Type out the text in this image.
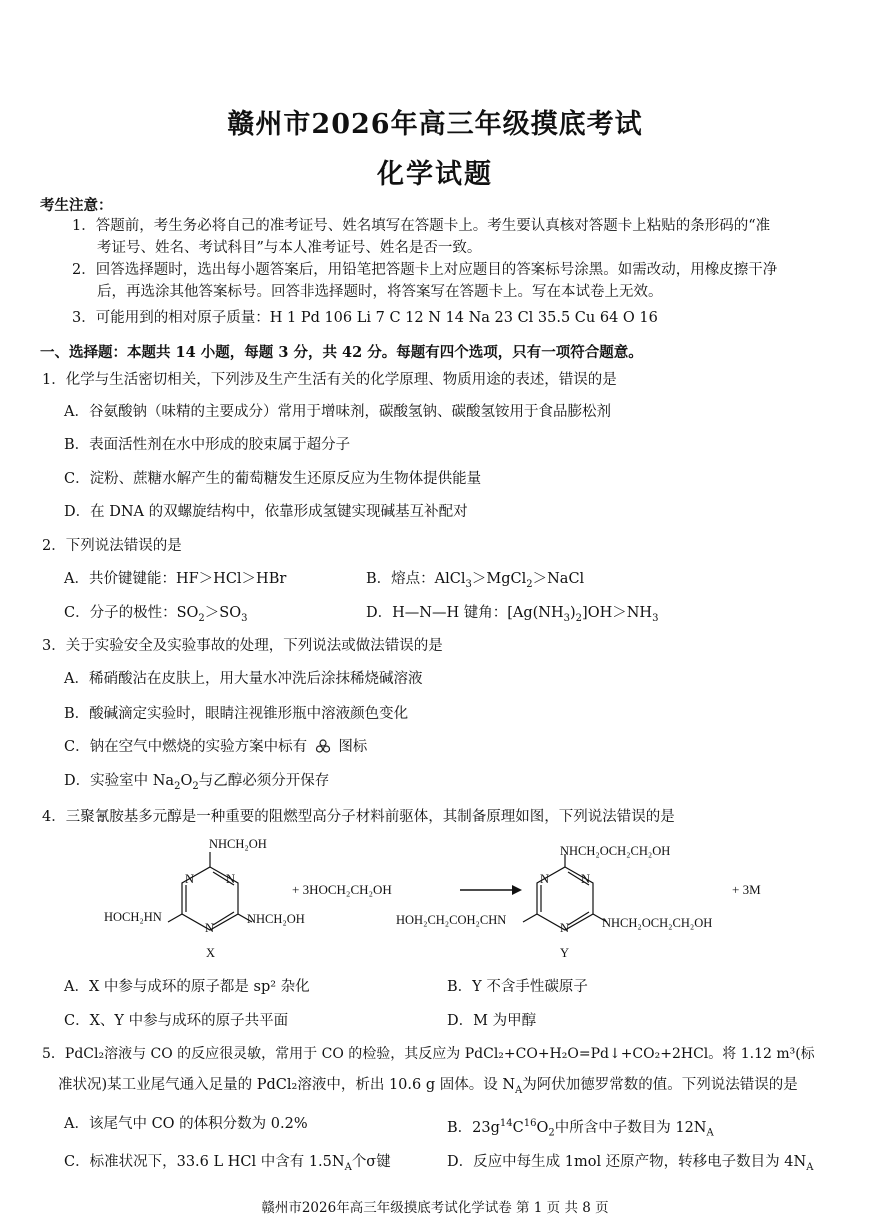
赣州市2026年高三年级摸底考试
化学试题
考生注意：
1．答题前，考生务必将自己的准考证号、姓名填写在答题卡上。考生要认真核对答题卡上粘贴的条形码的“准
考证号、姓名、考试科目”与本人准考证号、姓名是否一致。
2．回答选择题时，选出每小题答案后，用铅笔把答题卡上对应题目的答案标号涂黑。如需改动，用橡皮擦干净
后，再选涂其他答案标号。回答非选择题时，将答案写在答题卡上。写在本试卷上无效。
3．可能用到的相对原子质量：H 1 Pd 106 Li 7 C 12 N 14 Na 23 Cl 35.5 Cu 64 O 16
一、选择题：本题共 14 小题，每题 3 分，共 42 分。每题有四个选项，只有一项符合题意。
1．化学与生活密切相关，下列涉及生产生活有关的化学原理、物质用途的表述，错误的是
A．谷氨酸钠（味精的主要成分）常用于增味剂，碳酸氢钠、碳酸氢铵用于食品膨松剂
B．表面活性剂在水中形成的胶束属于超分子
C．淀粉、蔗糖水解产生的葡萄糖发生还原反应为生物体提供能量
D．在 DNA 的双螺旋结构中，依靠形成氢键实现碱基互补配对
2．下列说法错误的是
A．共价键键能：HF＞HCl＞HBr	B．熔点：AlCl$_3$＞MgCl$_2$＞NaCl
C．分子的极性：$SO_2>SO_3$	D．H—N—H 键角：$[Ag(NH_3)_2]OH>NH_3$
3．关于实验安全及实验事故的处理，下列说法或做法错误的是
A．稀硝酸沾在皮肤上，用大量水冲洗后涂抹稀烧碱溶液
B．酸碱滴定实验时，眼睛注视锥形瓶中溶液颜色变化
C．钠在空气中燃烧的实验方案中标有 图标
D．实验室中 $Na_2O_2$与乙醇必须分开保存
4．三聚氰胺基多元醇是一种重要的阻燃型高分子材料前驱体，其制备原理如图，下列说法错误的是
N	N
N
NHCH₂OH
HOCH₂HN	NHCH₂OH
X
+ 3HOCH₂CH₂OH
N	N
N
NHCH₂OCH₂CH₂OH
HOH₂CH₂COH₂CHN	NHCH₂OCH₂CH₂OH
Y
+ 3M
A．X 中参与成环的原子都是 sp² 杂化	B．Y 不含手性碳原子
C．X、Y 中参与成环的原子共平面	D．M 为甲醇
5．PdCl₂溶液与 CO 的反应很灵敏，常用于 CO 的检验，其反应为 PdCl₂+CO+H₂O=Pd↓+CO₂+2HCl。将 1.12 m³(标
准状况)某工业尾气通入足量的 PdCl₂溶液中，析出 10.6 g 固体。设 $N_A$为阿伏加德罗常数的值。下列说法错误的是
A．该尾气中 CO 的体积分数为 0.2%	B．$23g^{14}C^{16}O_2$中所含中子数目为 $12N_A$
C．标准状况下，33.6 L HCl 中含有 $1.5N_A$个σ键	D．反应中每生成 1mol 还原产物，转移电子数目为 $4N_A$
赣州市2026年高三年级摸底考试化学试卷 第 1 页 共 8 页
